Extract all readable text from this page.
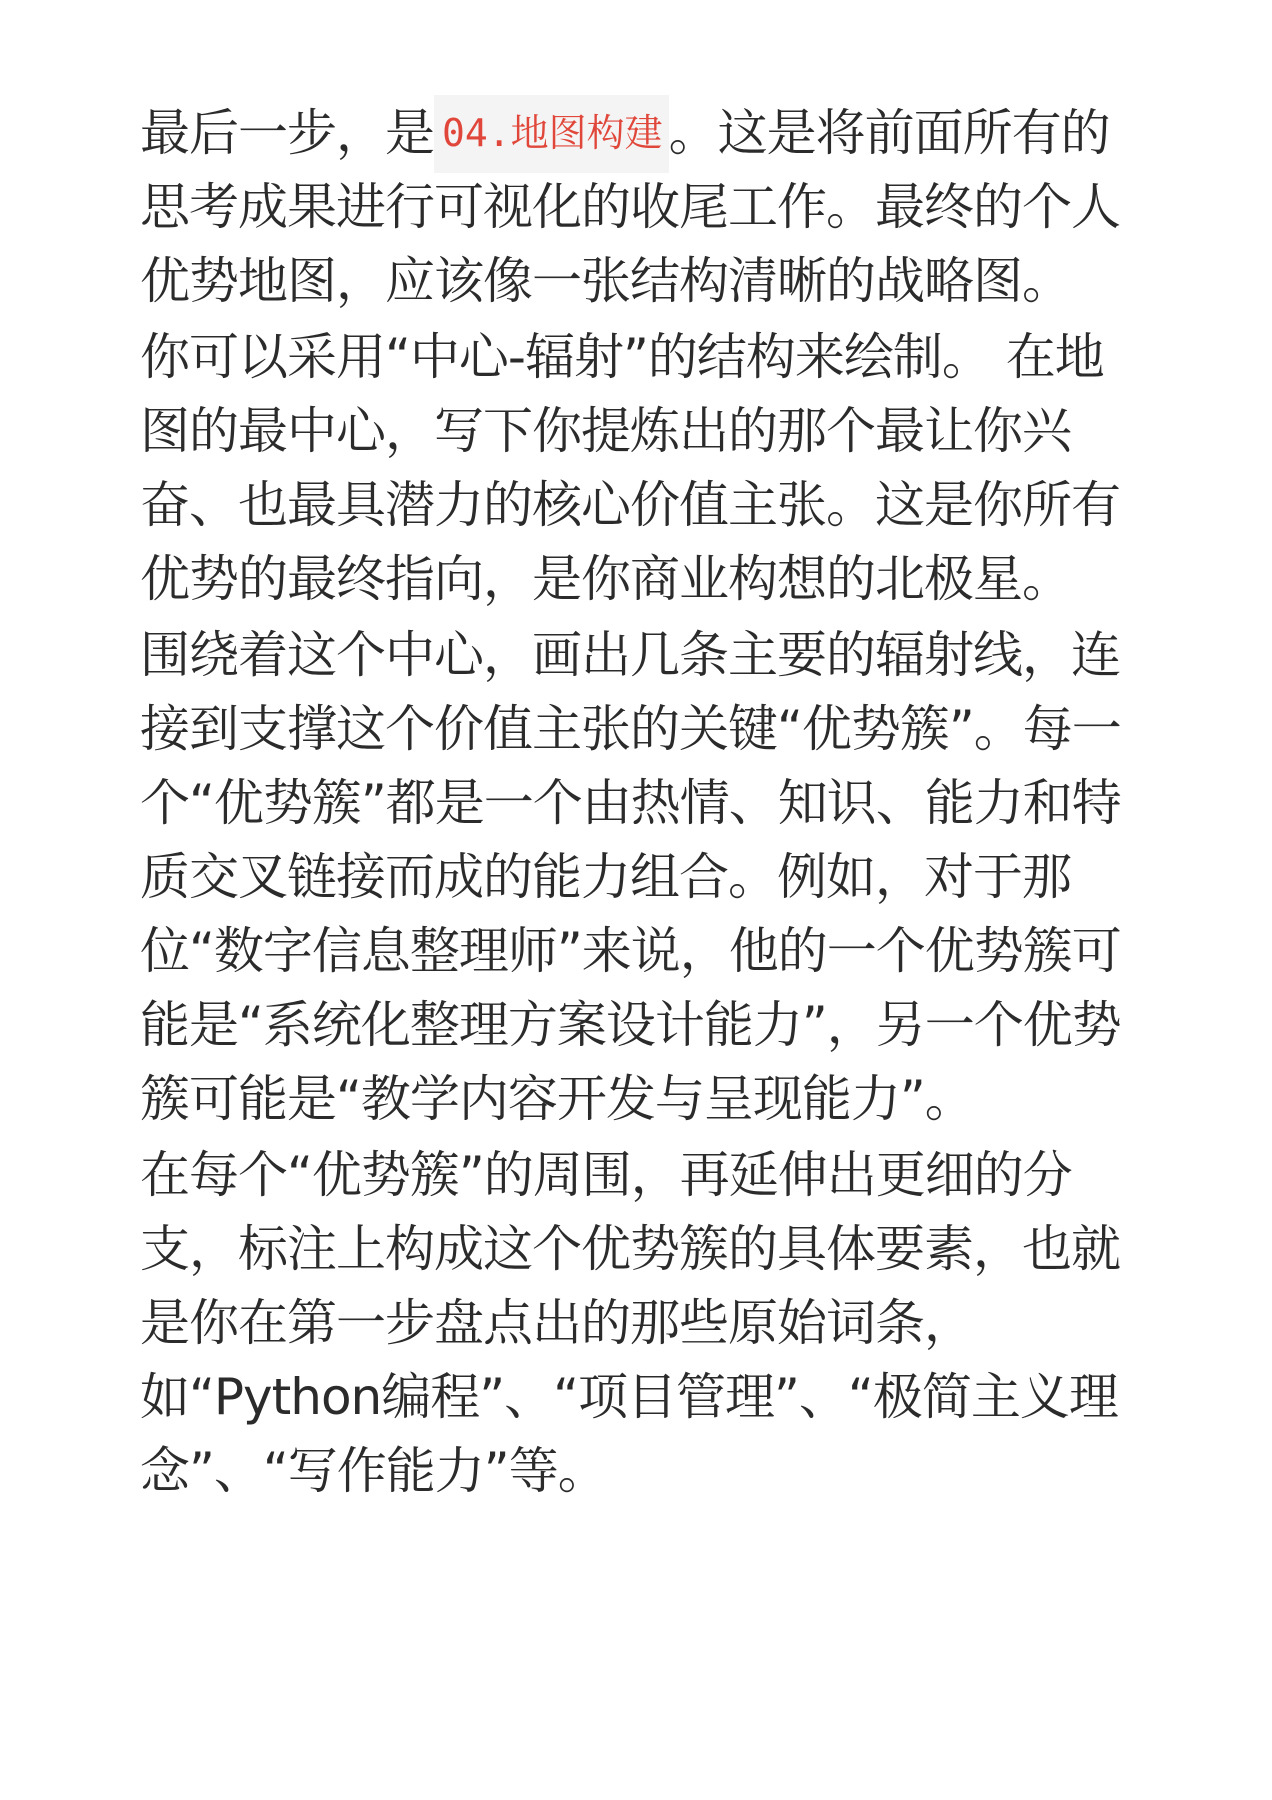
最后一步，是 04.地图构建 。这是将前面所有的思考成果进行可视化的收尾工作。最终的个人优势地图，应该像一张结构清晰的战略图。

你可以采用“中心-辐射”的结构来绘制。 在地图的最中心，写下你提炼出的那个最让你兴奋、也最具潜力的核心价值主张。这是你所有优势的最终指向，是你商业构想的北极星。

围绕着这个中心，画出几条主要的辐射线，连接到支撑这个价值主张的关键“优势簇”。每一个“优势簇”都是一个由热情、知识、能力和特质交叉链接而成的能力组合。例如，对于那位“数字信息整理师”来说，他的一个优势簇可能是“系统化整理方案设计能力”，另一个优势簇可能是“教学内容开发与呈现能力”。

在每个“优势簇”的周围，再延伸出更细的分支，标注上构成这个优势簇的具体要素，也就是你在第一步盘点出的那些原始词条，如“Python编程”、“项目管理”、“极简主义理念”、“写作能力”等。
